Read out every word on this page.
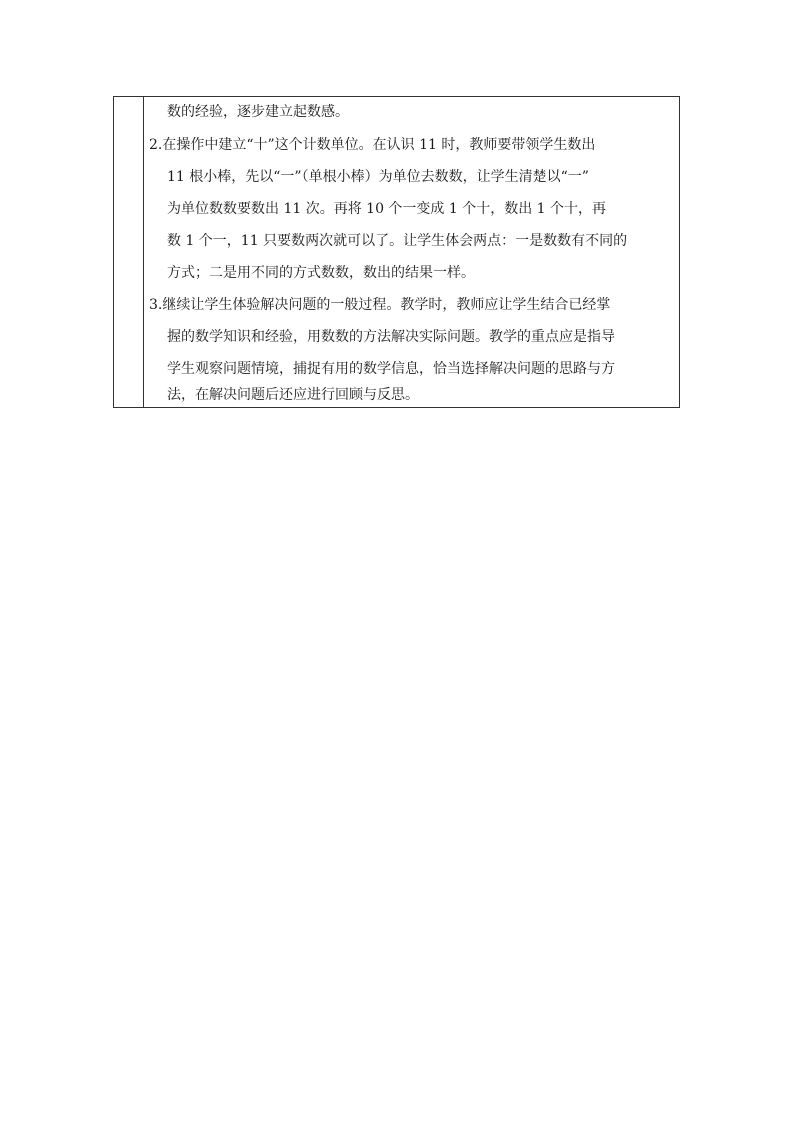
数的经验，逐步建立起数感。
2.在操作中建立“十”这个计数单位。在认识 11 时，教师要带领学生数出
11 根小棒，先以“一”（单根小棒）为单位去数数，让学生清楚以“一”
为单位数数要数出 11 次。再将 10 个一变成 1 个十，数出 1 个十，再
数 1 个一，11 只要数两次就可以了。让学生体会两点：一是数数有不同的
方式；二是用不同的方式数数，数出的结果一样。
3.继续让学生体验解决问题的一般过程。教学时，教师应让学生结合已经掌
握的数学知识和经验，用数数的方法解决实际问题。教学的重点应是指导
学生观察问题情境，捕捉有用的数学信息，恰当选择解决问题的思路与方
法，在解决问题后还应进行回顾与反思。
